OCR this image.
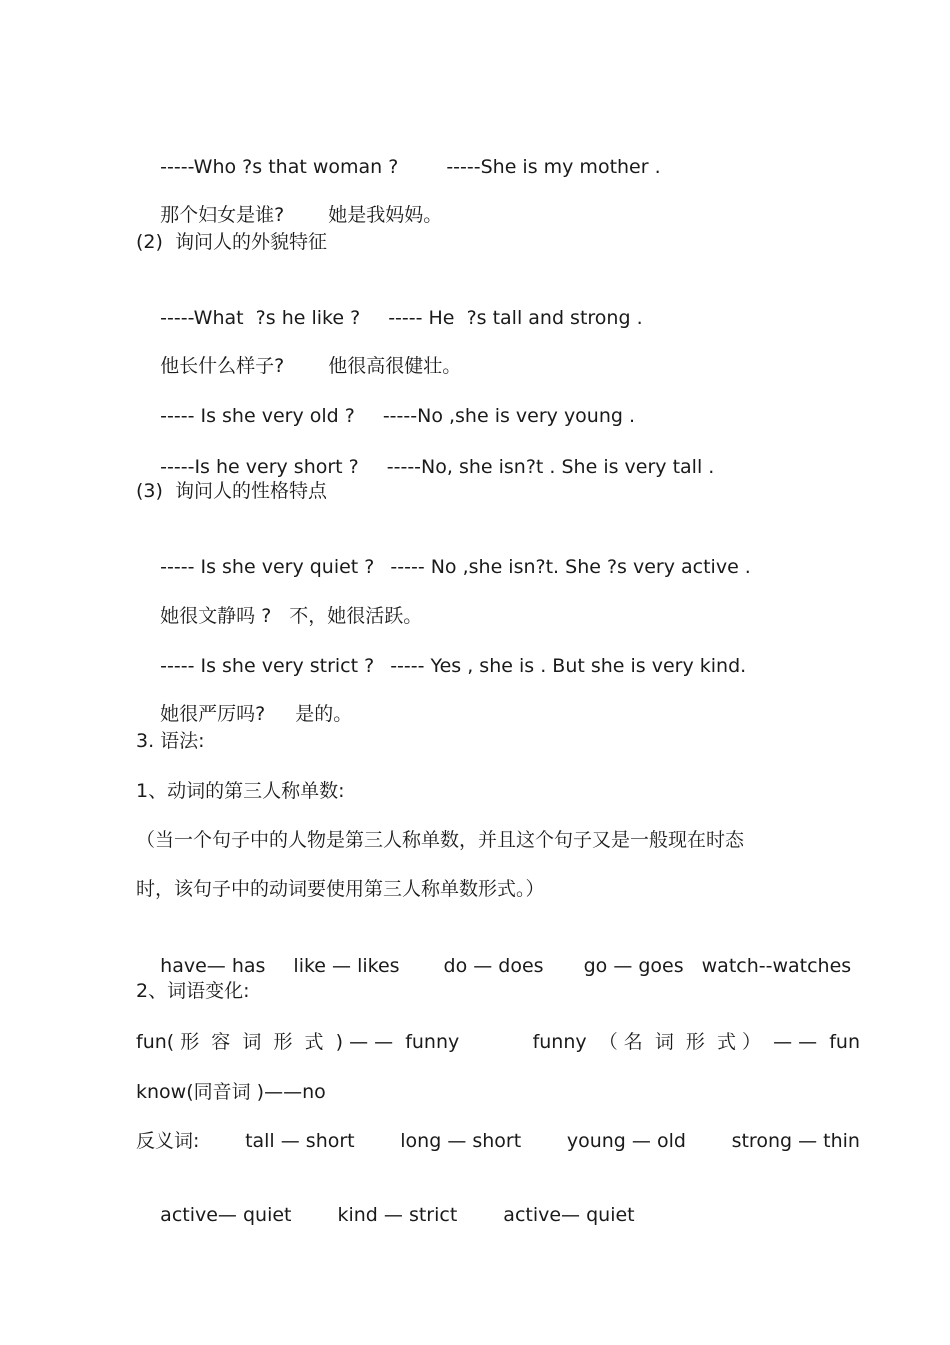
-----Who ?s that woman ?	-----She is my mother .

那个妇女是谁? 她是我妈妈。

(2)  询问人的外貌特征

-----What  ?s he like ? ----- He  ?s tall and strong .

他长什么样子? 他很高很健壮。

----- Is she very old ? -----No ,she is very young .

-----Is he very short ? -----No, she isn?t . She is very tall .

(3)  询问人的性格特点

----- Is she very quiet ? ----- No ,she isn?t. She ?s very active .

她很文静吗 ? 不，她很活跃。

----- Is she very strict ? ----- Yes , she is . But she is very kind.

她很严厉吗? 是的。

3. 语法:
1、动词的第三人称单数:
（当一个句子中的人物是第三人称单数，并且这个句子又是一般现在时态
时，该句子中的动词要使用第三人称单数形式。）

have— has like — likes do — does go — goes watch--watches

2、词语变化:
fun( 形  容  词  形  式  ) — —  funny	funny  （ 名  词  形  式 ）  — —  fun
know(同音词 )——no
反义词: tall — short long — short young — old strong — thin

active— quiet kind — strict active— quiet
